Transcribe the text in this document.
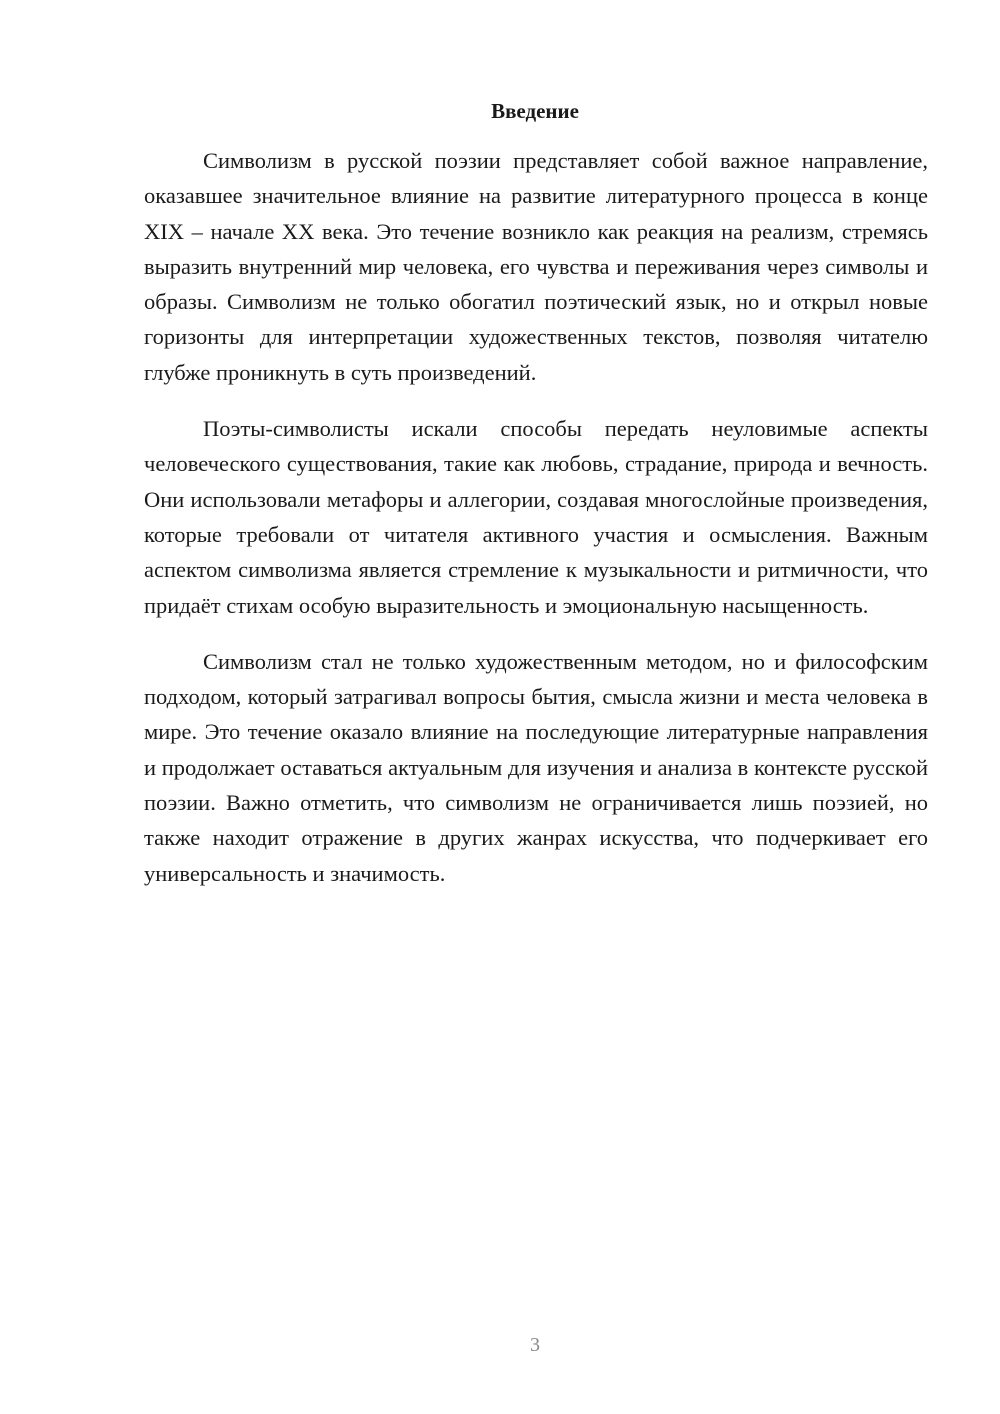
Введение

Символизм в русской поэзии представляет собой важное направление, оказавшее значительное влияние на развитие литературного процесса в конце XIX – начале XX века. Это течение возникло как реакция на реализм, стремясь выразить внутренний мир человека, его чувства и переживания через символы и образы. Символизм не только обогатил поэтический язык, но и открыл новые горизонты для интерпретации художественных текстов, позволяя читателю глубже проникнуть в суть произведений.

Поэты-символисты искали способы передать неуловимые аспекты человеческого существования, такие как любовь, страдание, природа и вечность. Они использовали метафоры и аллегории, создавая многослойные произведения, которые требовали от читателя активного участия и осмысления. Важным аспектом символизма является стремление к музыкальности и ритмичности, что придаёт стихам особую выразительность и эмоциональную насыщенность.

Символизм стал не только художественным методом, но и философским подходом, который затрагивал вопросы бытия, смысла жизни и места человека в мире. Это течение оказало влияние на последующие литературные направления и продолжает оставаться актуальным для изучения и анализа в контексте русской поэзии. Важно отметить, что символизм не ограничивается лишь поэзией, но также находит отражение в других жанрах искусства, что подчеркивает его универсальность и значимость.

3
